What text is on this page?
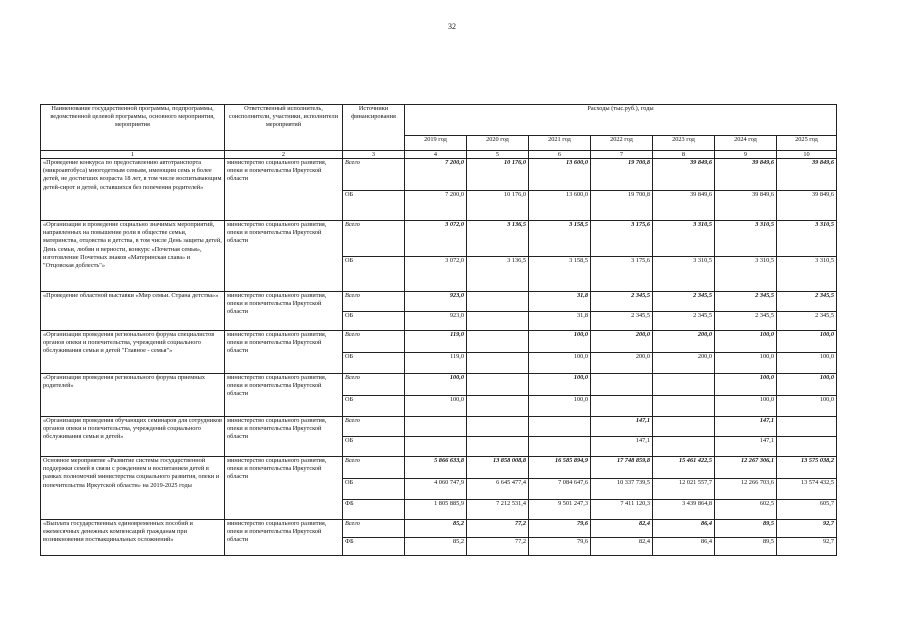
32
Наименование государственной программы, подпрограммы, ведомственной целевой программы, основного мероприятия, мероприятия	Ответственный исполнитель, соисполнители, участники, исполнители мероприятий	Источники финансирования	Расходы (тыс.руб.), годы						
			2019 год	2020 год	2021 год	2022 год	2023 год	2024 год	2025 год
1	2	3	4	5	6	7	8	9	10
«Проведение конкурса по предоставлению автотранспорта (микроавтобуса) многодетным семьям, имеющим семь и более детей, не достигших возраста 18 лет, в том числе воспитывающим детей-сирот и детей, оставшихся без попечения родителей»	министерство социального развития, опеки и попечительства Иркутской области	Всего	7 200,0	10 176,0	13 600,0	19 700,8	39 849,6	39 849,6	39 849,6
		ОБ	7 200,0	10 176,0	13 600,0	19 700,8	39 849,6	39 849,6	39 849,6
«Организация и проведение социально значимых мероприятий, направленных на повышение роли в обществе семьи, материнства, отцовства и детства, в том числе День защиты детей, День семьи, любви и верности, конкурс «Почетная семья», изготовление Почетных знаков «Материнская слава» и "Отцовская доблесть"»	министерство социального развития, опеки и попечительства Иркутской области	Всего	3 072,0	3 136,5	3 158,5	3 175,6	3 310,5	3 310,5	3 310,5
		ОБ	3 072,0	3 136,5	3 158,5	3 175,6	3 310,5	3 310,5	3 310,5
«Проведение областной выставки «Мир семьи. Страна детства»»	министерство социального развития, опеки и попечительства Иркутской области	Всего	923,0		31,8	2 345,5	2 345,5	2 345,5	2 345,5
		ОБ	923,0		31,8	2 345,5	2 345,5	2 345,5	2 345,5
«Организация проведения регионального форума специалистов органов опеки и попечительства, учреждений социального обслуживания семьи и детей "Главное - семья"»	министерство социального развития, опеки и попечительства Иркутской области	Всего	119,0		100,0	200,0	200,0	100,0	100,0
		ОБ	119,0		100,0	200,0	200,0	100,0	100,0
«Организация проведения регионального форума приемных родителей»	министерство социального развития, опеки и попечительства Иркутской области	Всего	100,0		100,0			100,0	100,0
		ОБ	100,0		100,0			100,0	100,0
«Организация проведения обучающих семинаров для сотрудников органов опеки и попечительства, учреждений социального обслуживания семьи и детей»	министерство социального развития, опеки и попечительства Иркутской области	Всего				147,1		147,1	
		ОБ				147,1		147,1	
Основное мероприятие «Развитие системы государственной поддержки семей в связи с рождением и воспитанием детей в рамках полномочий министерства социального развития, опеки и попечительства Иркутской области» на 2019-2025 годы	министерство социального развития, опеки и попечительства Иркутской области	Всего	5 866 633,8	13 858 008,8	16 585 894,9	17 748 859,8	15 461 422,5	12 267 306,1	13 575 038,2
		ОБ	4 060 747,9	6 645 477,4	7 084 647,6	10 337 739,5	12 021 557,7	12 266 703,6	13 574 432,5
		ФБ	1 805 885,9	7 212 531,4	9 501 247,3	7 411 120,3	3 439 864,8	602,5	605,7
«Выплата государственных единовременных пособий и ежемесячных денежных компенсаций гражданам при возникновении поствакцинальных осложнений»	министерство социального развития, опеки и попечительства Иркутской области	Всего	85,2	77,2	79,6	82,4	86,4	89,5	92,7
		ФБ	85,2	77,2	79,6	82,4	86,4	89,5	92,7
